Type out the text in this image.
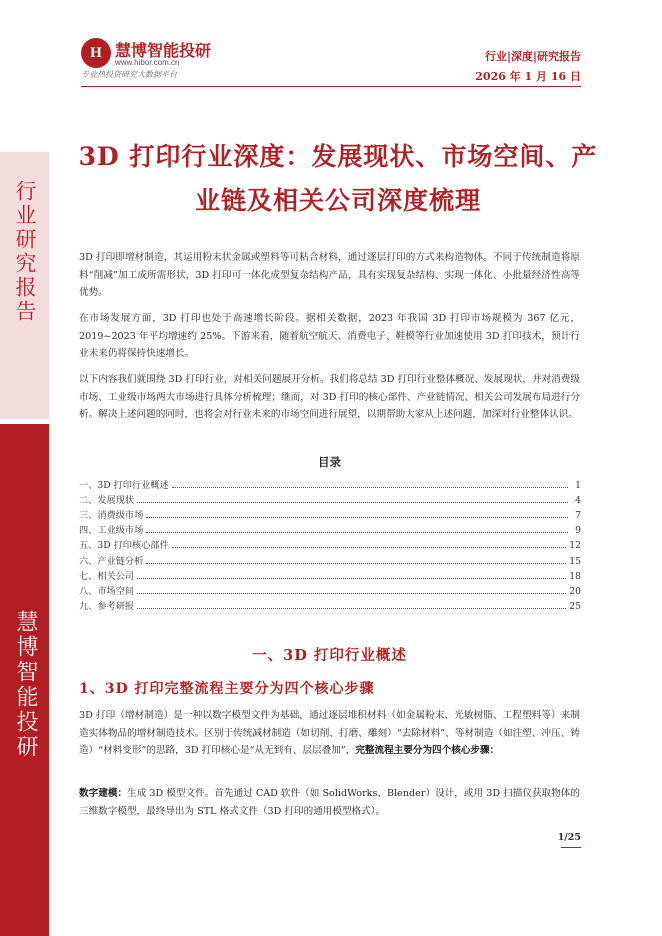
行业研究报告
慧博智能投研
H 慧博智能投研
www.hibor.com.cn
专业热投资研究大数据平台
行业|深度|研究报告
2026 年 1 月 16 日
3D 打印行业深度：发展现状、市场空间、产
业链及相关公司深度梳理

3D 打印即增材制造，其运用粉末状金属或塑料等可粘合材料，通过逐层打印的方式来构造物体。不同于传统制造将原料“削减”加工成所需形状，3D 打印可一体化成型复杂结构产品，具有实现复杂结构、实现一体化、小批量经济性高等优势。

在市场发展方面，3D 打印也处于高速增长阶段。据相关数据，2023 年我国 3D 打印市场规模为 367 亿元，2019~2023 年平均增速约 25%。下游来看，随着航空航天、消费电子、鞋模等行业加速使用 3D 打印技术，预计行业未来仍将保持快速增长。

以下内容我们就围绕 3D 打印行业，对相关问题展开分析。我们将总结 3D 打印行业整体概况、发展现状，并对消费级市场、工业级市场两大市场进行具体分析梳理；继而，对 3D 打印的核心部件、产业链情况、相关公司发展布局进行分析。解决上述问题的同时，也将会对行业未来的市场空间进行展望，以期帮助大家从上述问题，加深对行业整体认识。

目录
一、3D 打印行业概述	1
二、发展现状	4
三、消费级市场	7
四、工业级市场	9
五、3D 打印核心部件	12
六、产业链分析	15
七、相关公司	18
八、市场空间	20
九、参考研报	25
一、3D 打印行业概述
1、3D 打印完整流程主要分为四个核心步骤

3D 打印（增材制造）是一种以数字模型文件为基础，通过逐层堆积材料（如金属粉末、光敏树脂、工程塑料等）来制造实体物品的增材制造技术。区别于传统减材制造（如切削、打磨、雕刻）“去除材料”、等材制造（如注塑、冲压、铸造）“材料变形”的思路，3D 打印核心是“从无到有、层层叠加”，完整流程主要分为四个核心步骤：

数字建模：生成 3D 模型文件。首先通过 CAD 软件（如 SolidWorks、Blender）设计，或用 3D 扫描仪获取物体的三维数字模型，最终导出为 STL 格式文件（3D 打印的通用模型格式）。

1/25
